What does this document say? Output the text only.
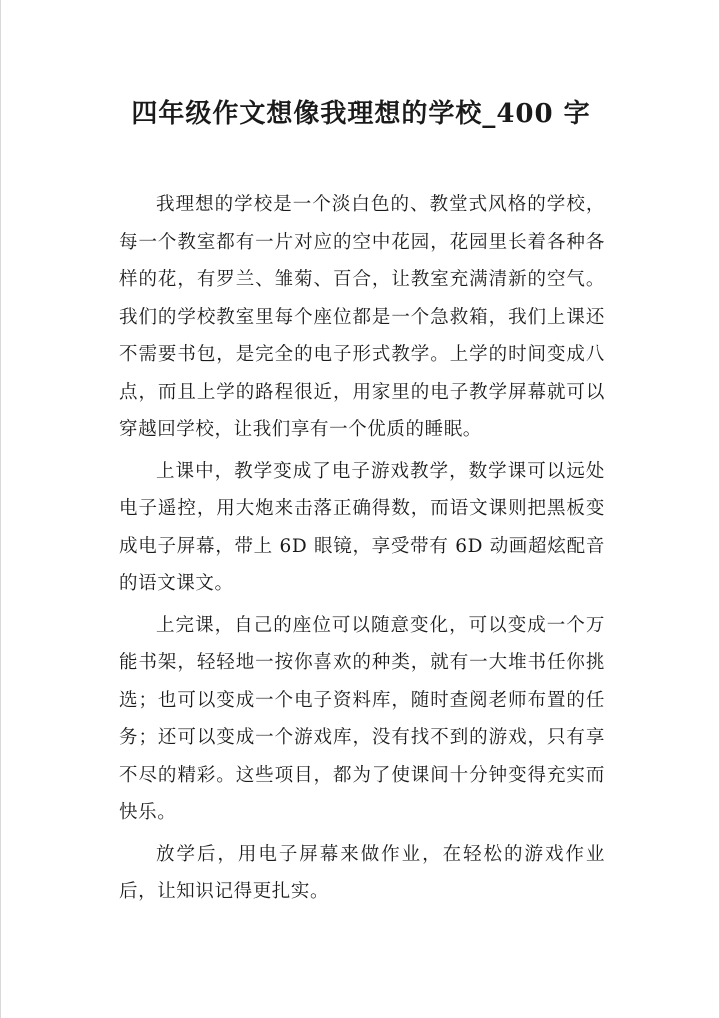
四年级作文想像我理想的学校_400 字

我理想的学校是一个淡白色的、教堂式风格的学校，每一个教室都有一片对应的空中花园，花园里长着各种各样的花，有罗兰、雏菊、百合，让教室充满清新的空气。我们的学校教室里每个座位都是一个急救箱，我们上课还不需要书包，是完全的电子形式教学。上学的时间变成八点，而且上学的路程很近，用家里的电子教学屏幕就可以穿越回学校，让我们享有一个优质的睡眠。

上课中，教学变成了电子游戏教学，数学课可以远处电子遥控，用大炮来击落正确得数，而语文课则把黑板变成电子屏幕，带上 6D 眼镜，享受带有 6D 动画超炫配音的语文课文。

上完课，自己的座位可以随意变化，可以变成一个万能书架，轻轻地一按你喜欢的种类，就有一大堆书任你挑选；也可以变成一个电子资料库，随时查阅老师布置的任务；还可以变成一个游戏库，没有找不到的游戏，只有享不尽的精彩。这些项目，都为了使课间十分钟变得充实而快乐。

放学后，用电子屏幕来做作业，在轻松的游戏作业后，让知识记得更扎实。
